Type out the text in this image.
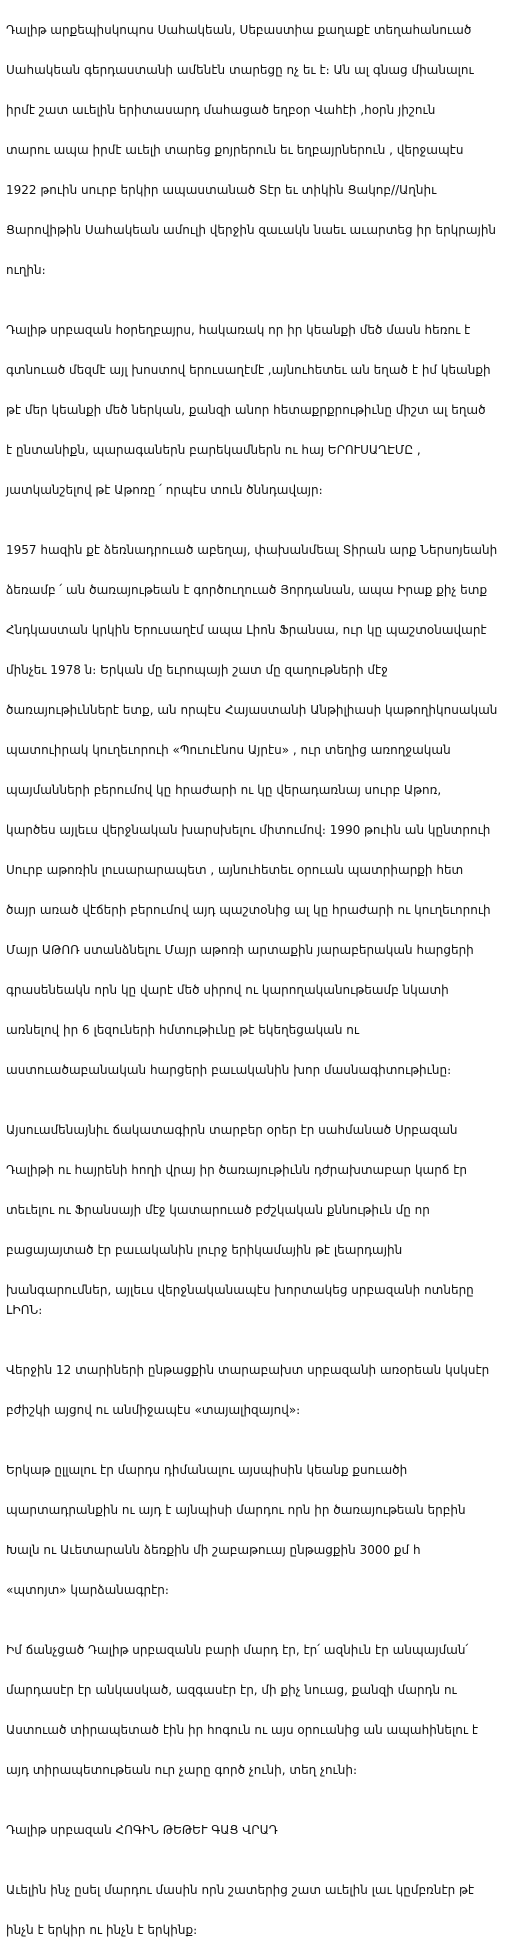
Դալիթ արքեպիսկոպոս Սահակեան, Սեբաստիա քաղաքէ տեղահանուած

Սահակեան գերդաստանի ամենէն տարեցը ոչ եւ է։ Ան ալ գնաց միանալու

իրմէ շատ աւելին երիտասարդ մահացած եղբօր Վաhէի ,հօրն յիշուն

տարու ապա իրմէ աւելի տարեց քոյրերուն եւ եղբայրներուն , վերջապէս

1922 թուին սուրբ երկիր ապաստանած Տէր եւ տիկին Ցակոբ//Աղնիւ

Ցարովիթին Սահակեան ամուլի վերջին զաւակն նաեւ աւարտեց իր երկրային

ուղին։

Դալիթ սրբազան հօրեղբայրս, հակառակ որ իր կեանքի մեծ մասն հեռու է

գտնուած մեզմէ այլ խոստով երուսաղէմէ ,այնուհետեւ ան եղած է իմ կեանքի

թէ մեր կեանքի մեծ ներկան, քանզի անոր հետաքրքրութիւնը միշտ ալ եղած

է ընտանիքն, պարագաներն բարեկամներն ու հայ ԵՐՈՒՍԱՂԷՄԸ ,

յատկանշելով թէ Աթոռը ՛ որպէս տուն ծննդավայր։

1957 հազին քէ ձեռնադրուած աբեղայ, փախանմեալ Տիրան արք Ներսոյեանի

ձեռամբ ՛ ան ծառայութեան է գործուղուած Յորդանան, ապա Իրաք քիչ ետք

Հնդկաստան կրկին Երուսաղէմ ապա Լիոն Ֆրանսա, ուր կը պաշտօնավարէ

մինչեւ 1978 ն։ Երկան մը եւրոպայի շատ մը զաղութների մէջ

ծառայութիւններէ ետք, ան որպէս Հայաստանի Անթիլիասի կաթողիկոսական

պատուիրակ կուղեւորուի «Պուուէնոս Այրէս» , ուր տեղից առողջական

պայմանների բերումով կը հրաժարի ու կը վերադառնայ սուրբ Աթոռ,

կարծես այլեւս վերջնական խարսխելու միտումով։ 1990 թուին ան կընտրուի

Սուրբ աթոռին լուսարարապետ , այնուհետեւ օրուան պատրիարքի հետ

ծայր առած վէճերի բերումով այդ պաշտօնից ալ կը հրաժարի ու կուղեւորուի

Մայր ԱԹՈՌ ստանձնելու Մայր աթոռի արտաքին յարաբերական հարցերի

գրասենեակն որն կը վարէ մեծ սիրով ու կարողականութեամբ նկատի

առնելով իր 6 լեզուների հմտութիւնը թէ եկեղեցական ու

աստուածաբանական հարցերի բաւականին խոր մասնագիտութիւնը։

Այսուամենայնիւ ճակատագիրն տարբեր օրեր էր սահմանած Սրբազան

Դալիթի ու հայրենի հողի վրայ իր ծառայութիւնն դժրախտաբար կարճ էր

տեւելու ու Ֆրանսայի մէջ կատարուած բժշկական քննութիւն մը որ

բացայայտած էր բաւականին լուրջ երիկամային թէ լեարդային

խանգարումներ, այլեւս վերջնականապէս խորտակեց սրբազանի ոտները ԼԻՈՆ։

Վերջին 12 տարիների ընթացքին տարաբախտ սրբազանի առօրեան կսկսէր

բժիշկի այցով ու անմիջապէս «տայալիզայով»։

Երկաթ ըլլալու էր մարդս դիմանալու այսպիսին կեանք քսուածի

պարտադրանքին ու այդ է այնպիսի մարդու որն իր ծառայութեան երբին

Խալն ու Աւետարանն ձեռքին մի շաբաթուայ ընթացքին 3000 քմ հ

«պտոյտ» կարձանագրէր։

Իմ ճանչցած Դալիթ սրբազանն բարի մարդ էր, էր՛ ազնիւն էր անպայման՛

մարդասէր էր անկասկած, ազգասէր էր, մի քիչ նուաց, քանզի մարդն ու

Աստուած տիրապետած էին իր հոգուն ու այս օրուանից ան ապահինելու է

այդ տիրապետութեան ուր չարը գործ չունի, տեղ չունի։

Դալիթ սրբազան ՀՈԳԻՆ ԹԵԹԵՒ ԳԱՑ ՎՐԱԴ

Աւելին ինչ ըսել մարդու մասին որն շատերից շատ աւելին լաւ կըմբռնէր թէ

ինչն է երկիր ու ինչն է երկինք։
